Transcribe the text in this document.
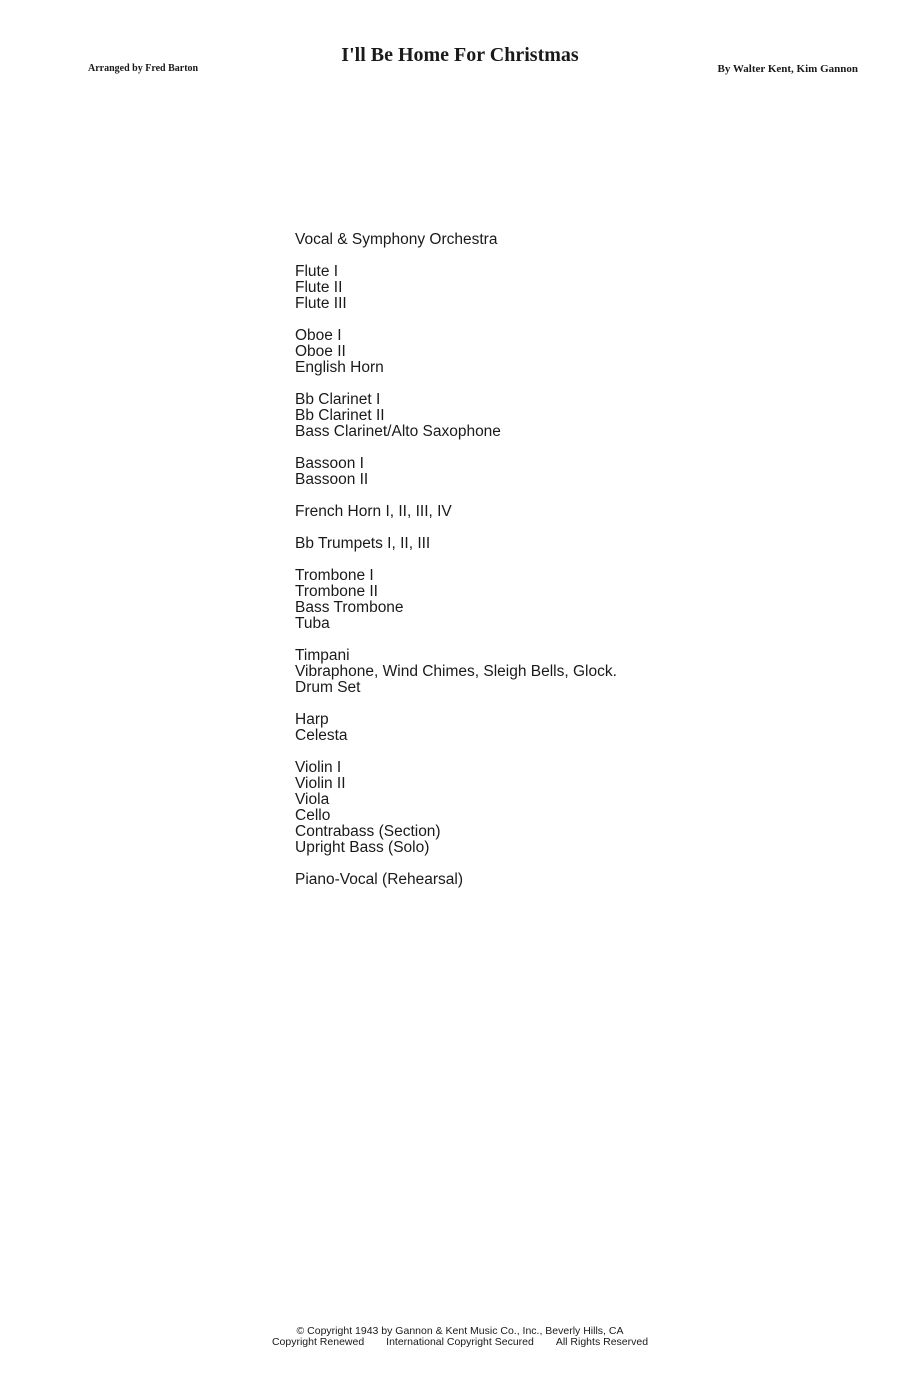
Arranged by Fred Barton
I'll Be Home For Christmas
By Walter Kent, Kim Gannon
Vocal & Symphony Orchestra
Flute I
Flute II
Flute III
Oboe I
Oboe II
English Horn
Bb Clarinet I
Bb Clarinet II
Bass Clarinet/Alto Saxophone
Bassoon I
Bassoon II
French Horn I, II, III, IV
Bb Trumpets I, II, III
Trombone I
Trombone II
Bass Trombone
Tuba
Timpani
Vibraphone, Wind Chimes, Sleigh Bells, Glock.
Drum Set
Harp
Celesta
Violin I
Violin II
Viola
Cello
Contrabass (Section)
Upright Bass (Solo)
Piano-Vocal (Rehearsal)
© Copyright 1943 by Gannon & Kent Music Co., Inc., Beverly Hills, CA
Copyright Renewed International Copyright Secured All Rights Reserved
